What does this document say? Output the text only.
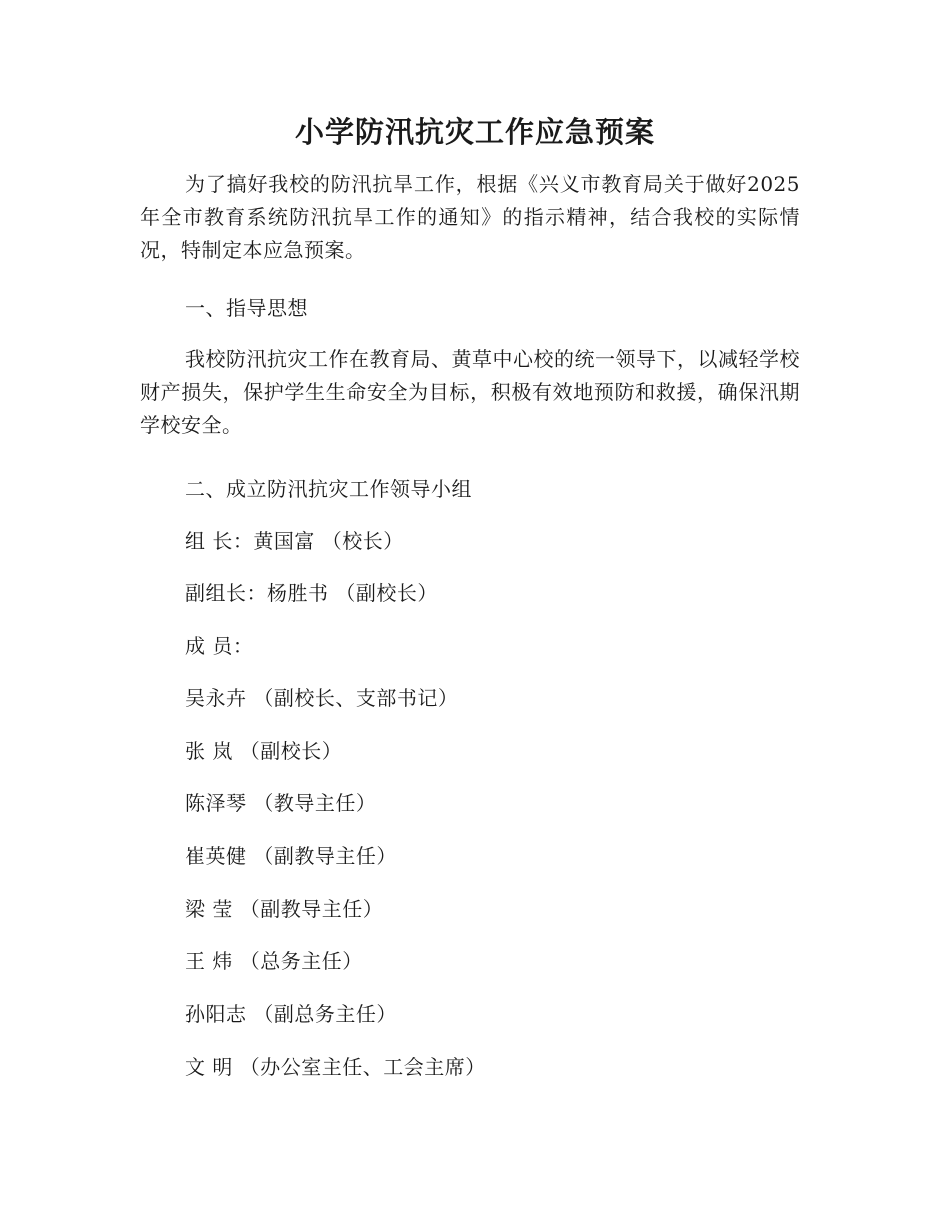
小学防汛抗灾工作应急预案
为了搞好我校的防汛抗旱工作，根据《兴义市教育局关于做好2025年全市教育系统防汛抗旱工作的通知》的指示精神，结合我校的实际情况，特制定本应急预案。
一、指导思想
我校防汛抗灾工作在教育局、黄草中心校的统一领导下，以减轻学校财产损失，保护学生生命安全为目标，积极有效地预防和救援，确保汛期学校安全。
二、成立防汛抗灾工作领导小组
组 长：黄国富 （校长）
副组长：杨胜书 （副校长）
成 员：
吴永卉 （副校长、支部书记）
张 岚 （副校长）
陈泽琴 （教导主任）
崔英健 （副教导主任）
梁 莹 （副教导主任）
王 炜 （总务主任）
孙阳志 （副总务主任）
文 明 （办公室主任、工会主席）
